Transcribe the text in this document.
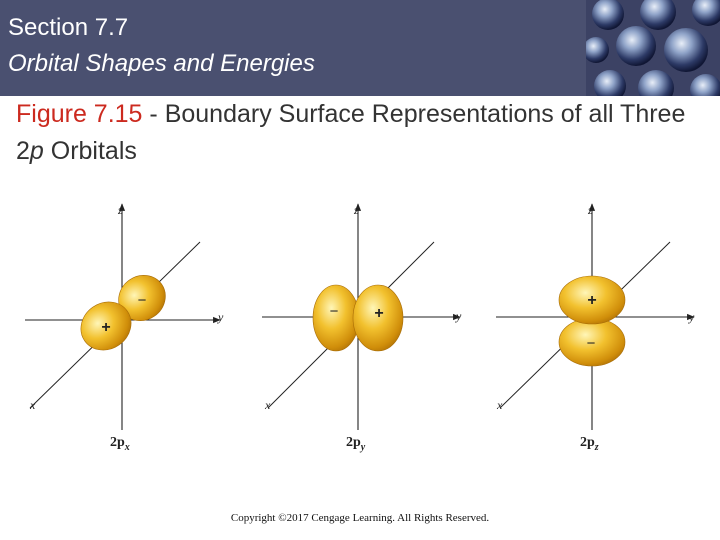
Section 7.7
Orbital Shapes and Energies
Figure 7.15 - Boundary Surface Representations of all Three 2p Orbitals
−
+
z
y
x
$2p_x$
− +
z
y
x
$2p_y$
−
+
z
y
x
$2p_z$
Copyright ©2017 Cengage Learning. All Rights Reserved.
